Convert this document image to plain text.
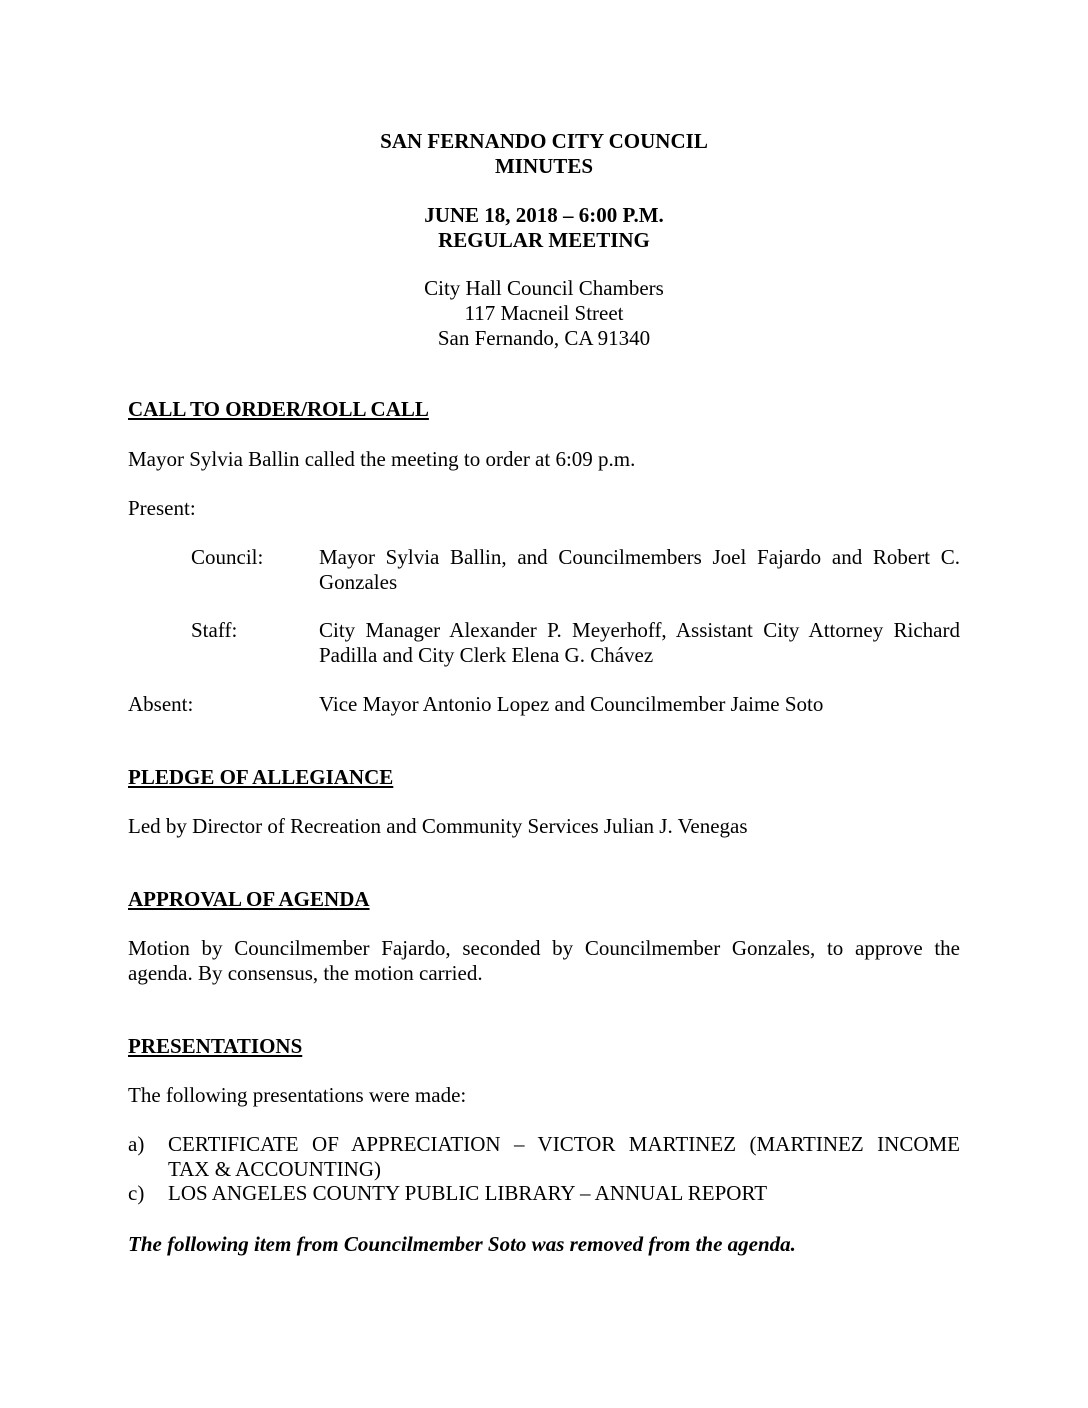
SAN FERNANDO CITY COUNCIL
MINUTES
JUNE 18, 2018 – 6:00 P.M.
REGULAR MEETING
City Hall Council Chambers
117 Macneil Street
San Fernando, CA 91340
CALL TO ORDER/ROLL CALL
Mayor Sylvia Ballin called the meeting to order at 6:09 p.m.
Present:
Council:	Mayor Sylvia Ballin, and Councilmembers Joel Fajardo and Robert C.
Gonzales
Staff:	City Manager Alexander P. Meyerhoff, Assistant City Attorney Richard
Padilla and City Clerk Elena G. Chávez
Absent:	Vice Mayor Antonio Lopez and Councilmember Jaime Soto
PLEDGE OF ALLEGIANCE
Led by Director of Recreation and Community Services Julian J. Venegas
APPROVAL OF AGENDA
Motion by Councilmember Fajardo, seconded by Councilmember Gonzales, to approve the
agenda. By consensus, the motion carried.
PRESENTATIONS
The following presentations were made:
a) CERTIFICATE OF APPRECIATION – VICTOR MARTINEZ (MARTINEZ INCOME
TAX & ACCOUNTING)
c) LOS ANGELES COUNTY PUBLIC LIBRARY – ANNUAL REPORT
The following item from Councilmember Soto was removed from the agenda.
